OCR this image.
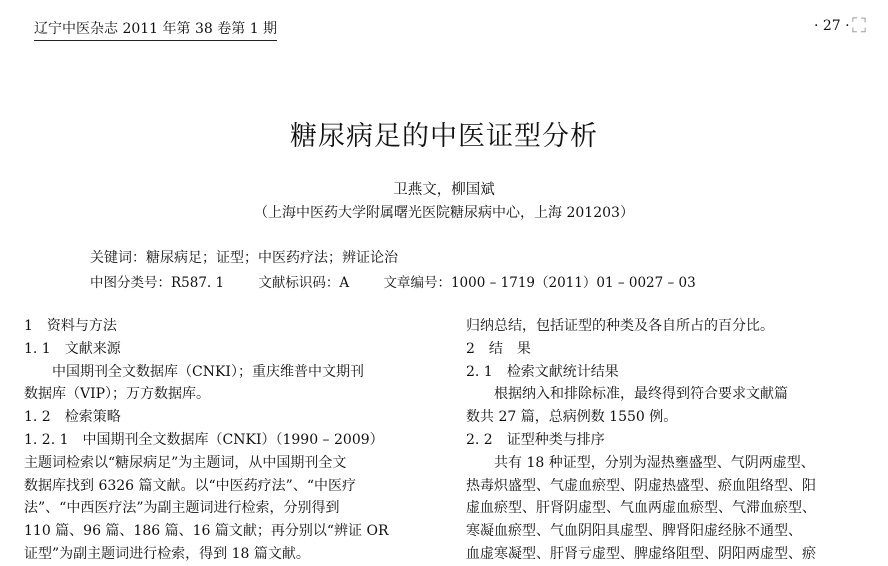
辽宁中医杂志 2011 年第 38 卷第 1 期	· 27 · ⛶
糖尿病足的中医证型分析
卫燕文，柳国斌
（上海中医药大学附属曙光医院糖尿病中心，上海 201203）
关键词：糖尿病足；证型；中医药疗法；辨证论治
中图分类号：R587. 1	文献标识码：A	文章编号：1000 – 1719（2011）01 – 0027 – 03
1　资料与方法
1. 1　文献来源
中国期刊全文数据库（CNKI）；重庆维普中文期刊
数据库（VIP）；万方数据库。
1. 2　检索策略
1. 2. 1　中国期刊全文数据库（CNKI）（1990 – 2009）
主题词检索以“糖尿病足”为主题词，从中国期刊全文
数据库找到 6326 篇文献。以“中医药疗法”、“中医疗
法”、“中西医疗法”为副主题词进行检索，分别得到
110 篇、96 篇、186 篇、16 篇文献；再分别以“辨证 OR
证型”为副主题词进行检索，得到 18 篇文献。
归纳总结，包括证型的种类及各自所占的百分比。
2　结　果
2. 1　检索文献统计结果
根据纳入和排除标准，最终得到符合要求文献篇
数共 27 篇，总病例数 1550 例。
2. 2　证型种类与排序
共有 18 种证型，分别为湿热壅盛型、气阴两虚型、
热毒炽盛型、气虚血瘀型、阴虚热盛型、瘀血阻络型、阳
虚血瘀型、肝肾阴虚型、气血两虚血瘀型、气滞血瘀型、
寒凝血瘀型、气血阴阳具虚型、脾肾阳虚经脉不通型、
血虚寒凝型、肝肾亏虚型、脾虚络阻型、阴阳两虚型、瘀
